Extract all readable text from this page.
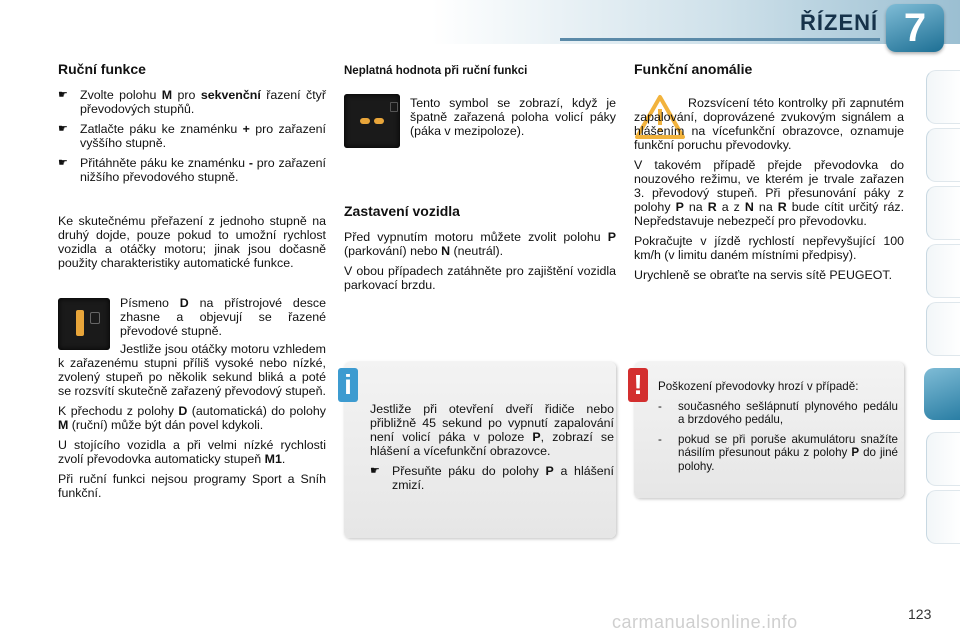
ŘÍZENÍ 7
Ruční funkce
☛ Zvolte polohu M pro sekvenční řazení čtyř převodových stupňů.
☛ Zatlačte páku ke znaménku + pro zařazení vyššího stupně.
☛ Přitáhněte páku ke znaménku - pro zařazení nižšího převodového stupně.

Ke skutečnému přeřazení z jednoho stupně na druhý dojde, pouze pokud to umožní rychlost vozidla a otáčky motoru; jinak jsou dočasně použity charakteristiky automatické funkce.

Písmeno D na přístrojové desce zhasne a objevují se řazené převodové stupně.

Jestliže jsou otáčky motoru vzhledem k zařazenému stupni příliš vysoké nebo nízké, zvolený stupeň po několik sekund bliká a poté se rozsvítí skutečně zařazený převodový stupeň.

K přechodu z polohy D (automatická) do polohy M (ruční) může být dán povel kdykoli.

U stojícího vozidla a při velmi nízké rychlosti zvolí převodovka automaticky stupeň M1.

Při ruční funkci nejsou programy Sport a Sníh funkční.

Neplatná hodnota při ruční funkci

Tento symbol se zobrazí, když je špatně zařazená poloha volicí páky (páka v mezipoloze).

Zastavení vozidla

Před vypnutím motoru můžete zvolit polohu P (parkování) nebo N (neutrál).

V obou případech zatáhněte pro zajištění vozidla parkovací brzdu.

i

Jestliže při otevření dveří řidiče nebo přibližně 45 sekund po vypnutí zapalování není volicí páka v poloze P, zobrazí se hlášení a vícefunkční obrazovce.

☛ Přesuňte páku do polohy P a hlášení zmizí.
Funkční anomálie

Rozsvícení této kontrolky při zapnutém zapalování, doprovázené zvukovým signálem a hlášením na vícefunkční obrazovce, oznamuje funkční poruchu převodovky.

V takovém případě přejde převodovka do nouzového režimu, ve kterém je trvale zařazen 3. převodový stupeň. Při přesunování páky z polohy P na R a z N na R bude cítit určitý ráz. Nepředstavuje nebezpečí pro převodovku.

Pokračujte v jízdě rychlostí nepřevyšující 100 km/h (v limitu daném místními předpisy).

Urychleně se obraťte na servis sítě PEUGEOT.

!	Poškození převodovky hrozí v případě:

-	současného sešlápnutí plynového pedálu a brzdového pedálu,
-	pokud se při poruše akumulátoru snažíte násilím přesunout páku z polohy P do jiné polohy.
carmanualsonline.info	123
